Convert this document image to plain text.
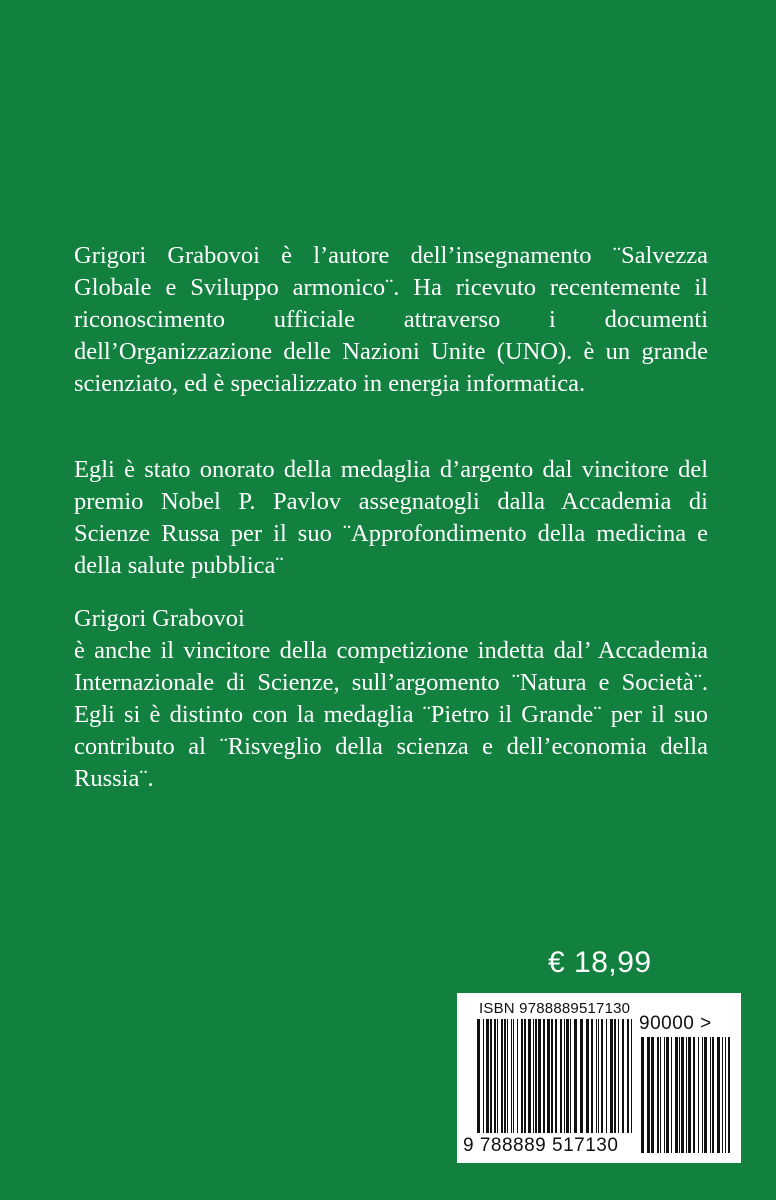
Grigori Grabovoi è l’autore dell’insegnamento ¨Salvezza Globale e Sviluppo armonico¨. Ha ricevuto recentemente il riconoscimento ufficiale attraverso i documenti dell’Organizzazione delle Nazioni Unite (UNO). è un grande scienziato, ed è specializzato in energia informatica.
Egli è stato onorato della medaglia d’argento dal vincitore del premio Nobel P. Pavlov assegnatogli dalla Accademia di Scienze Russa per il suo ¨Approfondimento della medicina e della salute pubblica¨
Grigori Grabovoi
è anche il vincitore della competizione indetta dal’ Accademia Internazionale di Scienze, sull’argomento ¨Natura e Società¨. Egli si è distinto con la medaglia ¨Pietro il Grande¨ per il suo contributo al ¨Risveglio della scienza e dell’economia della Russia¨.
€ 18,99
ISBN 9788889517130
90000 >
9 788889 517130
